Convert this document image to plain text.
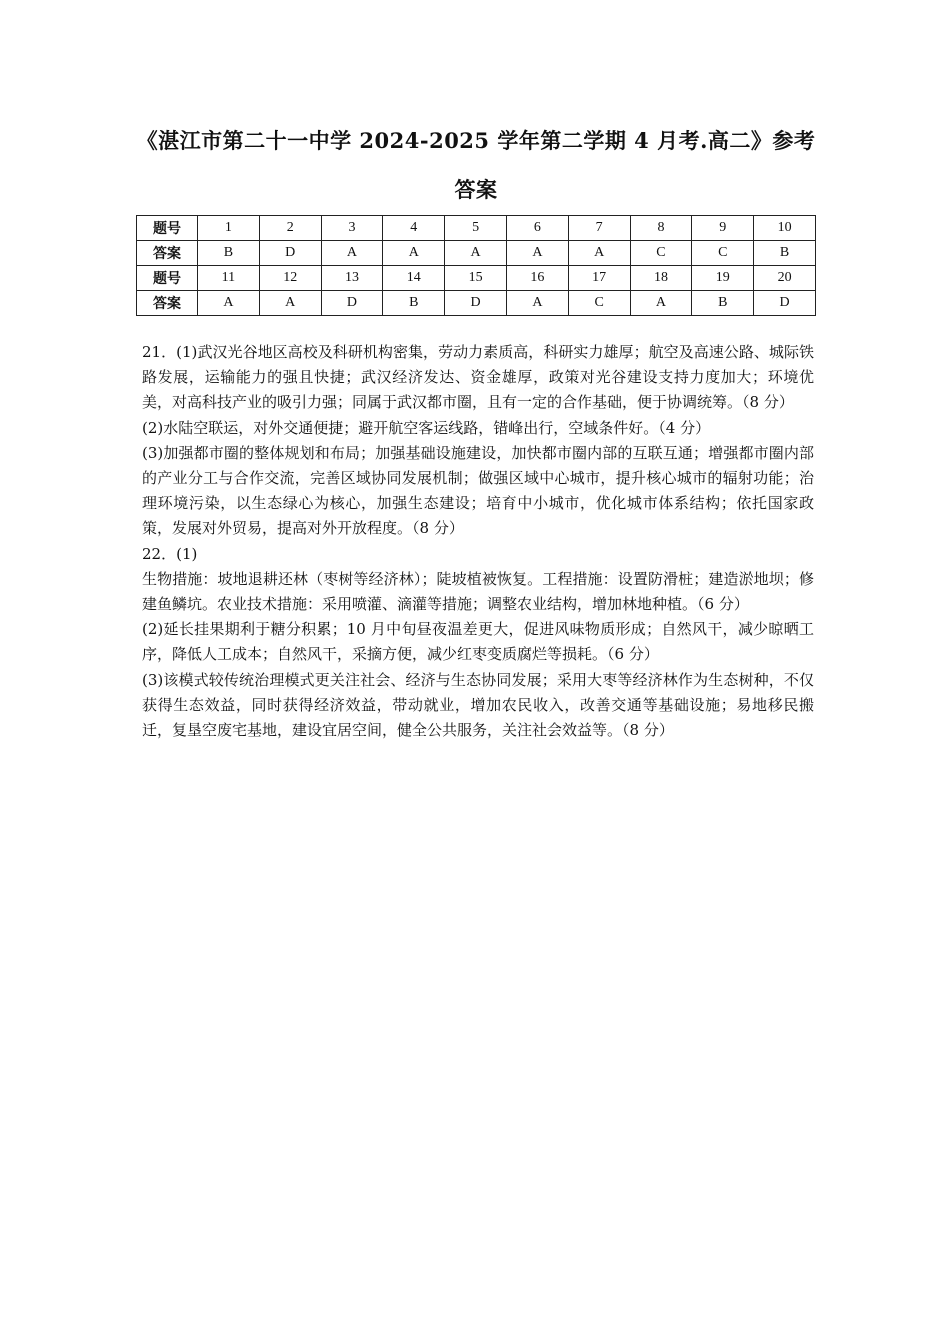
《湛江市第二十一中学 2024-2025 学年第二学期 4 月考.高二》参考
答案
题号	1	2	3	4	5	6	7	8	9	10
答案	B	D	A	A	A	A	A	C	C	B
题号	11	12	13	14	15	16	17	18	19	20
答案	A	A	D	B	D	A	C	A	B	D

21．(1)武汉光谷地区高校及科研机构密集，劳动力素质高，科研实力雄厚；航空及高速公路、城际铁路发展，运输能力的强且快捷；武汉经济发达、资金雄厚，政策对光谷建设支持力度加大；环境优美，对高科技产业的吸引力强；同属于武汉都市圈，且有一定的合作基础，便于协调统筹。（8 分）

(2)水陆空联运，对外交通便捷；避开航空客运线路，错峰出行，空域条件好。（4 分）

(3)加强都市圈的整体规划和布局；加强基础设施建设，加快都市圈内部的互联互通；增强都市圈内部的产业分工与合作交流，完善区域协同发展机制；做强区域中心城市，提升核心城市的辐射功能；治理环境污染，以生态绿心为核心，加强生态建设；培育中小城市，优化城市体系结构；依托国家政策，发展对外贸易，提高对外开放程度。（8 分）

22．(1)

生物措施：坡地退耕还林（枣树等经济林）；陡坡植被恢复。工程措施：设置防滑桩；建造淤地坝；修建鱼鳞坑。农业技术措施：采用喷灌、滴灌等措施；调整农业结构，增加林地种植。（6 分）

(2)延长挂果期利于糖分积累；10 月中旬昼夜温差更大，促进风味物质形成；自然风干，减少晾晒工序，降低人工成本；自然风干，采摘方便，减少红枣变质腐烂等损耗。（6 分）

(3)该模式较传统治理模式更关注社会、经济与生态协同发展；采用大枣等经济林作为生态树种，不仅获得生态效益，同时获得经济效益，带动就业，增加农民收入，改善交通等基础设施；易地移民搬迁，复垦空废宅基地，建设宜居空间，健全公共服务，关注社会效益等。（8 分）
